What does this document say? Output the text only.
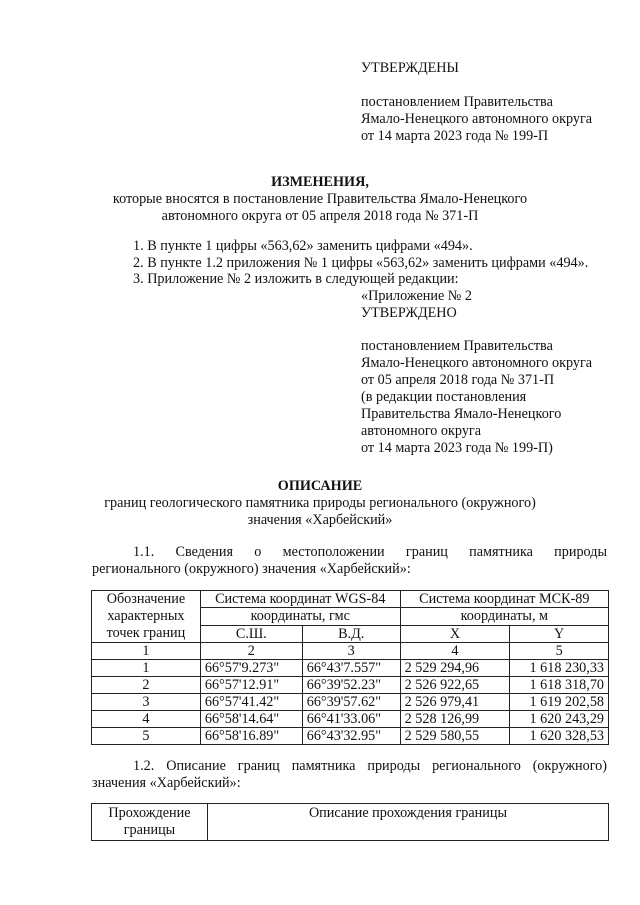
УТВЕРЖДЕНЫ
постановлением Правительства
Ямало-Ненецкого автономного округа
от 14 марта 2023 года № 199-П
ИЗМЕНЕНИЯ,
которые вносятся в постановление Правительства Ямало-Ненецкого
автономного округа от 05 апреля 2018 года № 371-П
1. В пункте 1 цифры «563,62» заменить цифрами «494».
2. В пункте 1.2 приложения № 1 цифры «563,62» заменить цифрами «494».
3. Приложение № 2 изложить в следующей редакции:
«Приложение № 2
УТВЕРЖДЕНО
постановлением Правительства
Ямало-Ненецкого автономного округа
от 05 апреля 2018 года № 371-П
(в редакции постановления
Правительства Ямало-Ненецкого
автономного округа
от 14 марта 2023 года № 199-П)
ОПИСАНИЕ
границ геологического памятника природы регионального (окружного)
значения «Харбейский»
1.1. Сведения о местоположении границ памятника природы
регионального (окружного) значения «Харбейский»:
Обозначение
характерных
точек границ	Система координат WGS-84		Система координат МСК-89	
	координаты, гмс		координаты, м	
	С.Ш.	В.Д.	X	Y
1	2	3	4	5
1	66°57'9.273"	66°43'7.557"	2 529 294,96	1 618 230,33
2	66°57'12.91"	66°39'52.23"	2 526 922,65	1 618 318,70
3	66°57'41.42"	66°39'57.62"	2 526 979,41	1 619 202,58
4	66°58'14.64"	66°41'33.06"	2 528 126,99	1 620 243,29
5	66°58'16.89"	66°43'32.95"	2 529 580,55	1 620 328,53
1.2. Описание границ памятника природы регионального (окружного)
значения «Харбейский»:
Прохождение
границы
	Описание прохождения границы
